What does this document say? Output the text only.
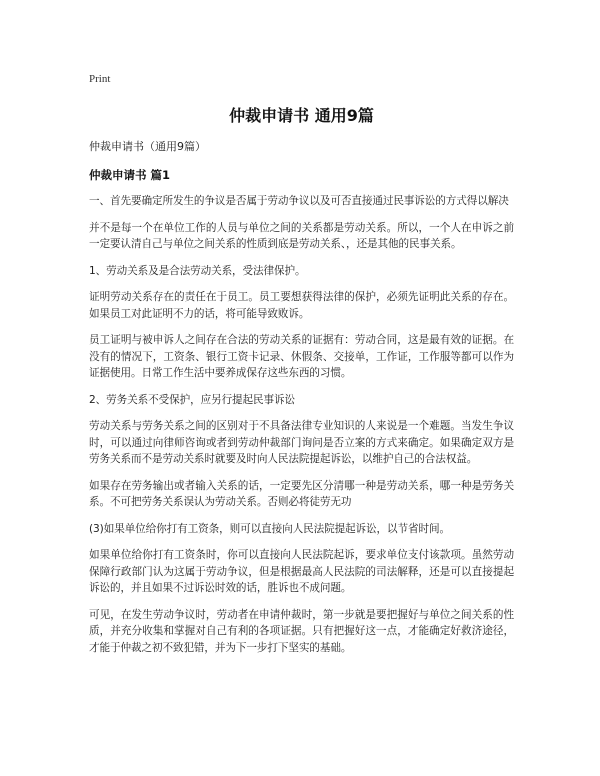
Print
仲裁申请书 通用9篇
仲裁申请书（通用9篇）
仲裁申请书 篇1

一、首先要确定所发生的争议是否属于劳动争议以及可否直接通过民事诉讼的方式得以解决

并不是每一个在单位工作的人员与单位之间的关系都是劳动关系。所以，一个人在申诉之前一定要认清自己与单位之间关系的性质到底是劳动关系、，还是其他的民事关系。

1、劳动关系及是合法劳动关系，受法律保护。

证明劳动关系存在的责任在于员工。员工要想获得法律的保护，必须先证明此关系的存在。如果员工对此证明不力的话，将可能导致败诉。

员工证明与被申诉人之间存在合法的劳动关系的证据有：劳动合同，这是最有效的证据。在没有的情况下，工资条、银行工资卡记录、休假条、交接单，工作证，工作服等都可以作为证据使用。日常工作生活中要养成保存这些东西的习惯。

2、劳务关系不受保护，应另行提起民事诉讼

劳动关系与劳务关系之间的区别对于不具备法律专业知识的人来说是一个难题。当发生争议时，可以通过向律师咨询或者到劳动仲裁部门询问是否立案的方式来确定。如果确定双方是劳务关系而不是劳动关系时就要及时向人民法院提起诉讼，以维护自己的合法权益。

如果存在劳务输出或者输入关系的话，一定要先区分清哪一种是劳动关系，哪一种是劳务关系。不可把劳务关系误认为劳动关系。否则必将徒劳无功

(3)如果单位给你打有工资条，则可以直接向人民法院提起诉讼，以节省时间。

如果单位给你打有工资条时，你可以直接向人民法院起诉，要求单位支付该款项。虽然劳动保障行政部门认为这属于劳动争议，但是根据最高人民法院的司法解释，还是可以直接提起诉讼的，并且如果不过诉讼时效的话，胜诉也不成问题。

可见，在发生劳动争议时，劳动者在申请仲裁时，第一步就是要把握好与单位之间关系的性质，并充分收集和掌握对自己有利的各项证据。只有把握好这一点，才能确定好救济途径，才能于仲裁之初不致犯错，并为下一步打下坚实的基础。
